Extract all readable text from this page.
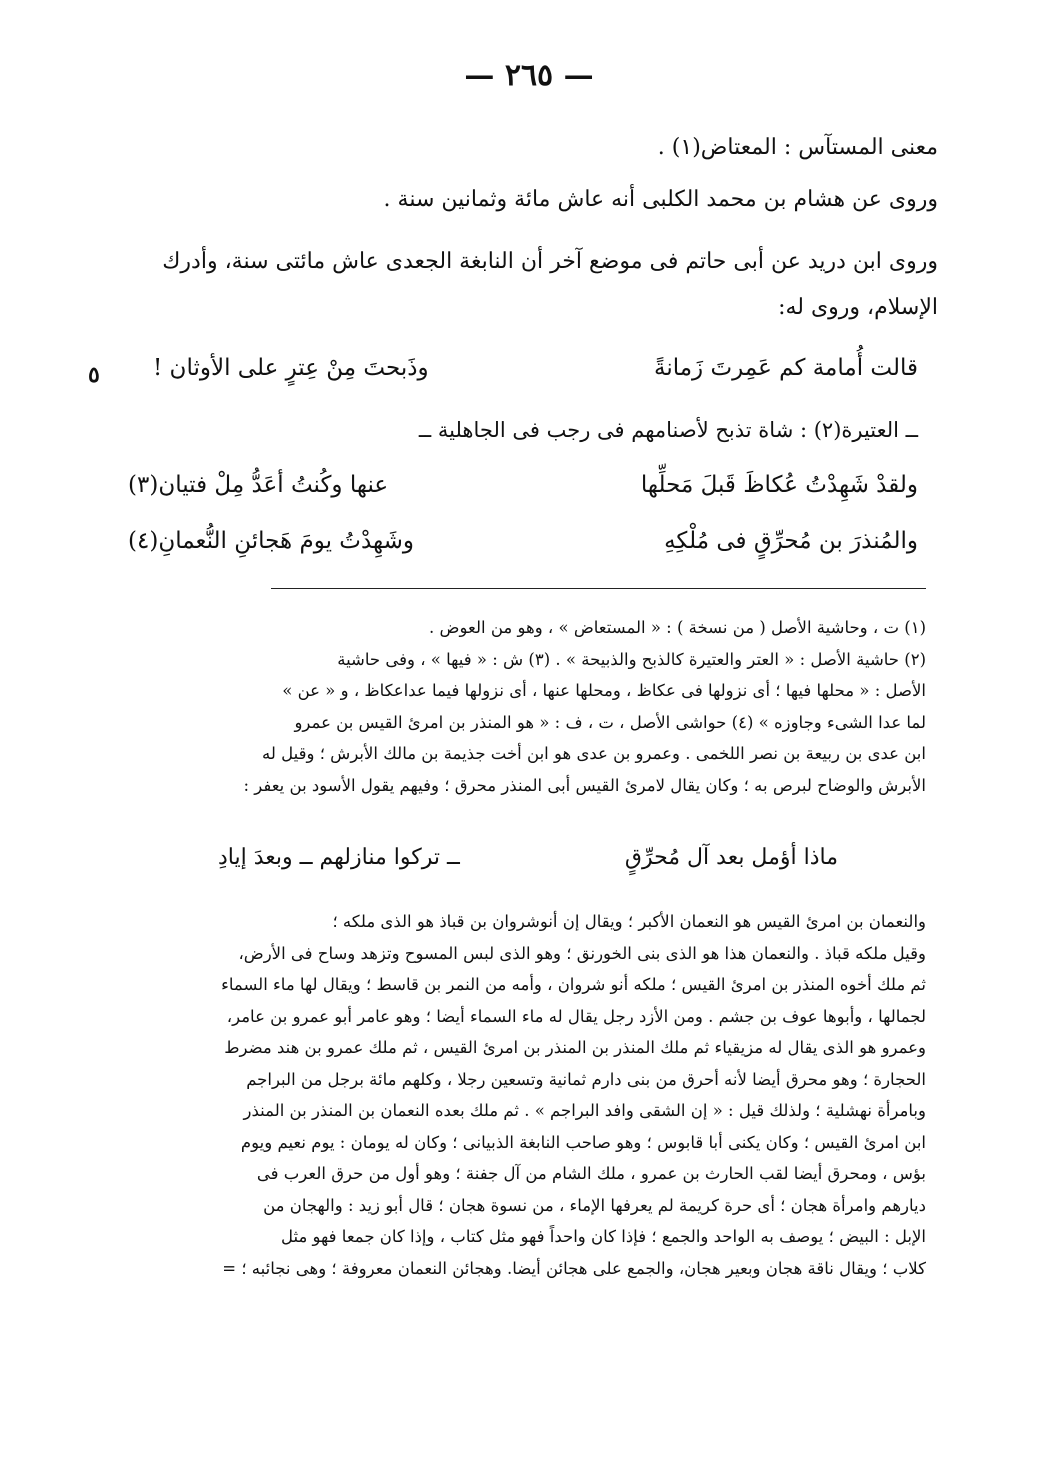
— ٢٦٥ —

معنى المستآس : المعتاض(١) .

وروى عن هشام بن محمد الكلبى أنه عاش مائة وثمانين سنة .

وروى ابن دريد عن أبى حاتم فى موضع آخر أن النابغة الجعدى عاش مائتى سنة، وأدرك

الإسلام، وروى له:

قالت أُمامة كم عَمِرتَ زَمانةً
وذَبحتَ مِنْ عِترٍ على الأوثان !
٥
ــ العتيرة(٢) : شاة تذبح لأصنامهم فى رجب فى الجاهلية ــ
ولقدْ شَهِدْتُ عُكاظَ قَبلَ مَحلِّها
عنها وكُنتُ أعَدُّ مِلْ فتيان(٣)
والمُنذرَ بن مُحرِّقٍ فى مُلْكِهِ
وشَهِدْتُ يومَ هَجائنِ النُّعمانِ(٤)

(١) ت ، وحاشية الأصل ( من نسخة ) : « المستعاض » ، وهو من العوض .

(٢) حاشية الأصل : « العتر والعتيرة كالذبح والذبيحة » . (٣) ش : « فيها » ، وفى حاشية

الأصل : « محلها فيها ؛ أى نزولها فى عكاظ ، ومحلها عنها ، أى نزولها فيما عداعكاظ ، و « عن »

لما عدا الشىء وجاوزه » (٤) حواشى الأصل ، ت ، ف : « هو المنذر بن امرئ القيس بن عمرو

ابن عدى بن ربيعة بن نصر اللخمى . وعمرو بن عدى هو ابن أخت جذيمة بن مالك الأبرش ؛ وقيل له

الأبرش والوضاح لبرص به ؛ وكان يقال لامرئ القيس أبى المنذر محرق ؛ وفيهم يقول الأسود بن يعفر :

ماذا أؤمل بعد آل مُحرِّقٍ
ــ تركوا منازلهم ــ وبعدَ إيادِ

والنعمان بن امرئ القيس هو النعمان الأكبر ؛ ويقال إن أنوشروان بن قباذ هو الذى ملكه ؛

وقيل ملكه قباذ . والنعمان هذا هو الذى بنى الخورنق ؛ وهو الذى لبس المسوح وتزهد وساح فى الأرض،

ثم ملك أخوه المنذر بن امرئ القيس ؛ ملكه أنو شروان ، وأمه من النمر بن قاسط ؛ ويقال لها ماء السماء

لجمالها ، وأبوها عوف بن جشم . ومن الأزد رجل يقال له ماء السماء أيضا ؛ وهو عامر أبو عمرو بن عامر،

وعمرو هو الذى يقال له مزيقياء ثم ملك المنذر بن المنذر بن امرئ القيس ، ثم ملك عمرو بن هند مضرط

الحجارة ؛ وهو محرق أيضا لأنه أحرق من بنى دارم ثمانية وتسعين رجلا ، وكلهم مائة برجل من البراجم

وبامرأة نهشلية ؛ ولذلك قيل : « إن الشقى وافد البراجم » . ثم ملك بعده النعمان بن المنذر بن المنذر

ابن امرئ القيس ؛ وكان يكنى أبا قابوس ؛ وهو صاحب النابغة الذبيانى ؛ وكان له يومان : يوم نعيم ويوم

بؤس ، ومحرق أيضا لقب الحارث بن عمرو ، ملك الشام من آل جفنة ؛ وهو أول من حرق العرب فى

ديارهم وامرأة هجان ؛ أى حرة كريمة لم يعرفها الإماء ، من نسوة هجان ؛ قال أبو زيد : والهجان من

الإبل : البيض ؛ يوصف به الواحد والجمع ؛ فإذا كان واحداً فهو مثل كتاب ، وإذا كان جمعا فهو مثل

كلاب ؛ ويقال ناقة هجان وبعير هجان، والجمع على هجائن أيضا. وهجائن النعمان معروفة ؛ وهى نجائبه ؛ =
